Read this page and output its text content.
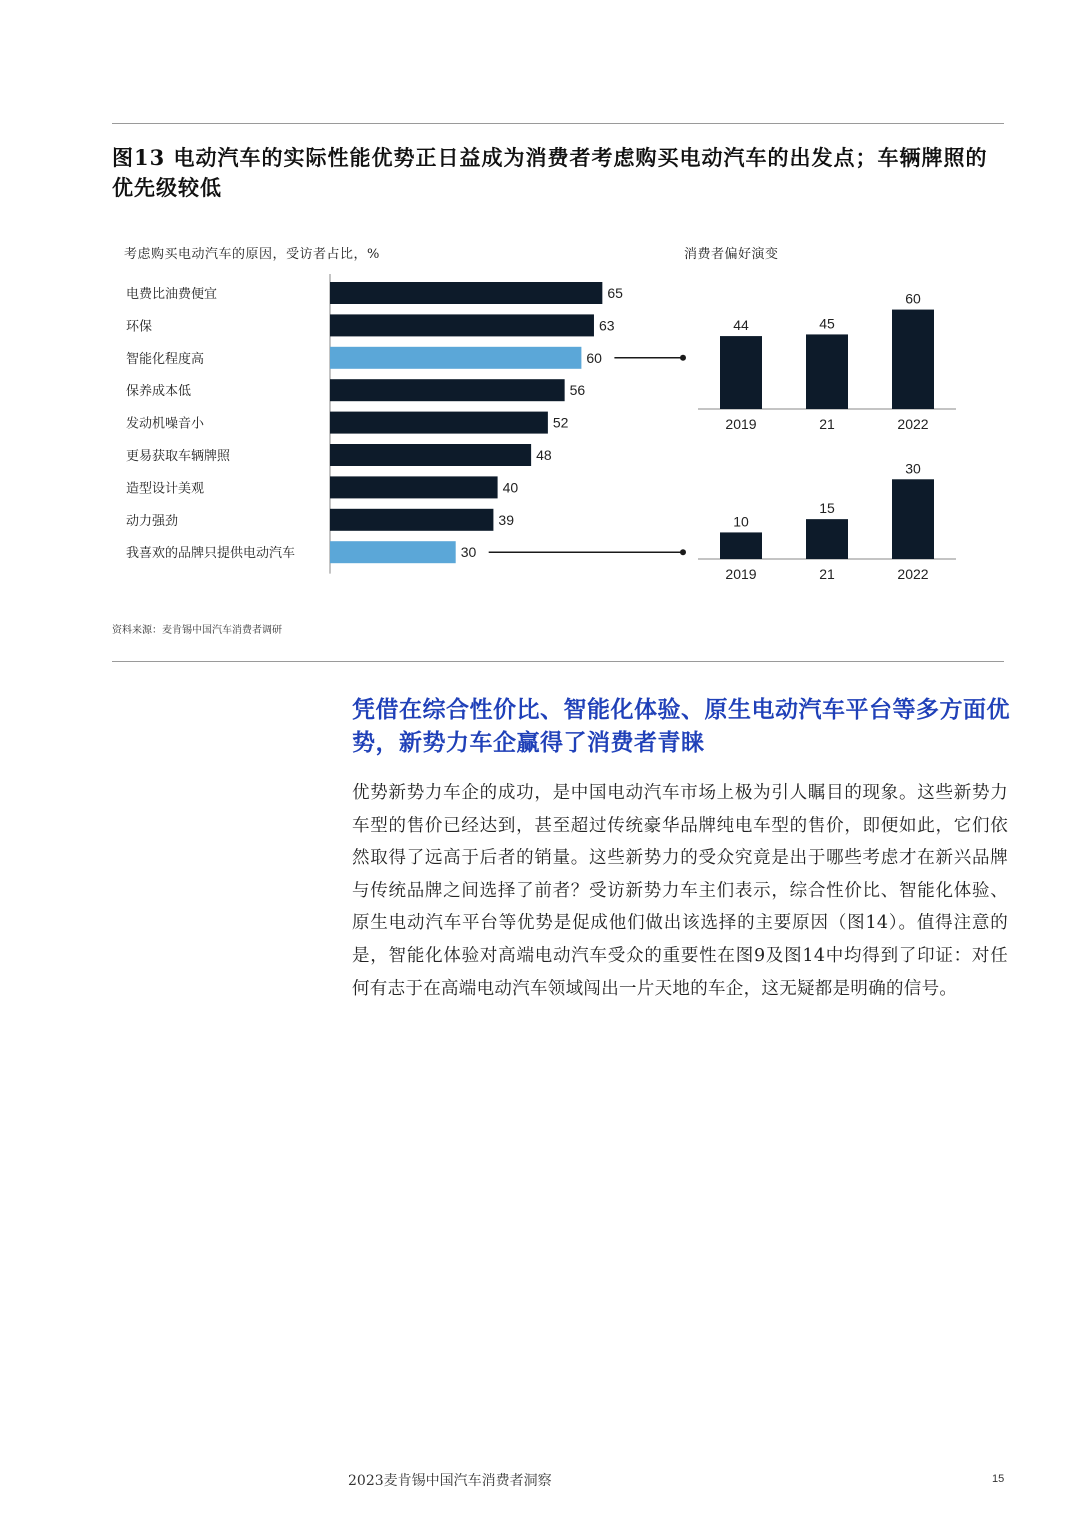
图13 电动汽车的实际性能优势正日益成为消费者考虑购买电动汽车的出发点；车辆牌照的优先级较低
考虑购买电动汽车的原因，受访者占比，%	消费者偏好演变
电费比油费便宜	65
环保	63
智能化程度高	60
保养成本低	56
发动机噪音小	52
更易获取车辆牌照	48
造型设计美观	40
动力强劲	39
我喜欢的品牌只提供电动汽车	30
44
2019
45
21
60
2022
10
2019
15
21
30
2022
资料来源：麦肯锡中国汽车消费者调研
凭借在综合性价比、智能化体验、原生电动汽车平台等多方面优势，新势力车企赢得了消费者青睐

优势新势力车企的成功，是中国电动汽车市场上极为引人瞩目的现象。这些新势力车型的售价已经达到，甚至超过传统豪华品牌纯电车型的售价，即便如此，它们依然取得了远高于后者的销量。这些新势力的受众究竟是出于哪些考虑才在新兴品牌与传统品牌之间选择了前者？受访新势力车主们表示，综合性价比、智能化体验、原生电动汽车平台等优势是促成他们做出该选择的主要原因（图14）。值得注意的是，智能化体验对高端电动汽车受众的重要性在图9及图14中均得到了印证：对任何有志于在高端电动汽车领域闯出一片天地的车企，这无疑都是明确的信号。

2023麦肯锡中国汽车消费者洞察	15
